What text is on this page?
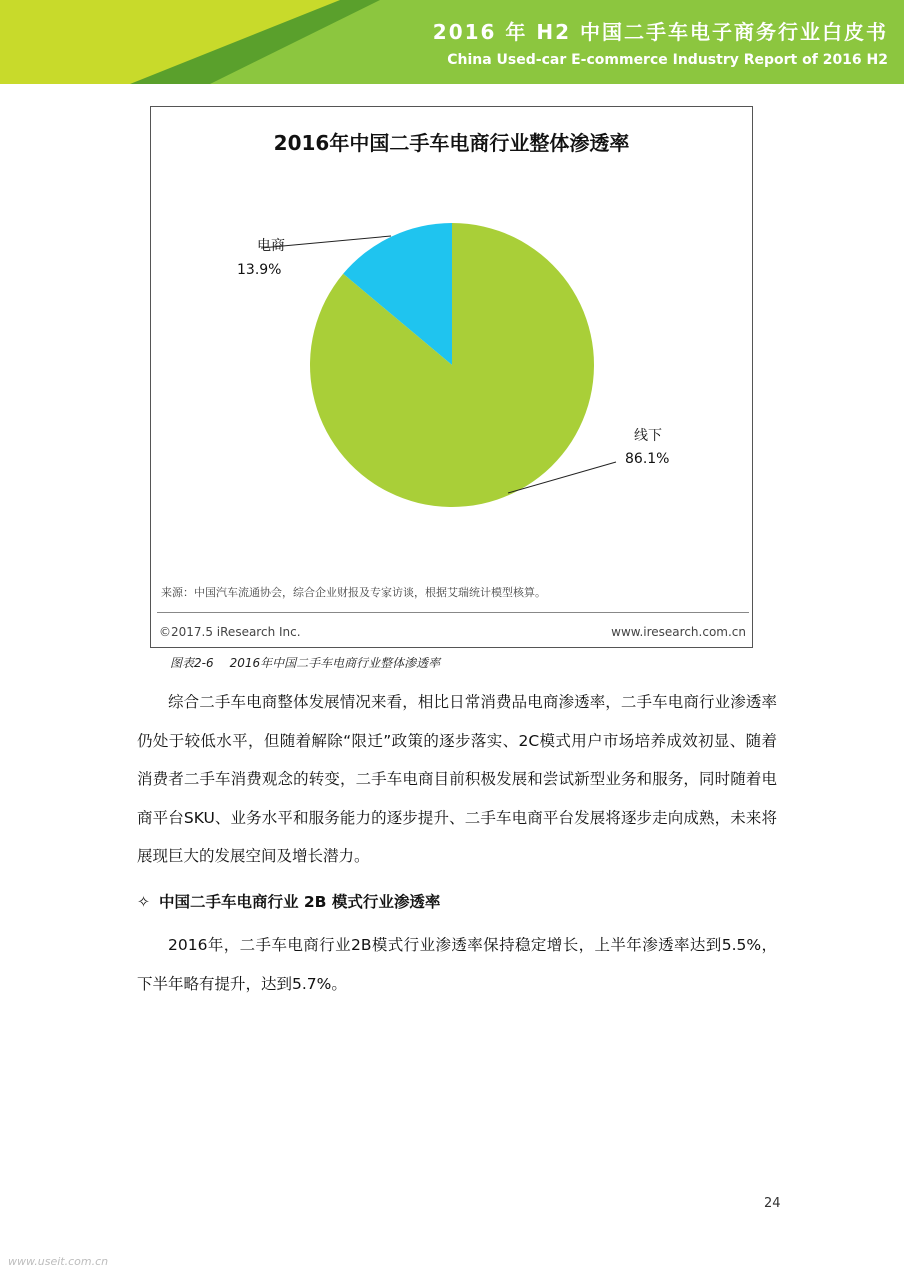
2016 年 H2 中国二手车电子商务行业白皮书
China Used-car E-commerce Industry Report of 2016 H2
2016年中国二手车电商行业整体渗透率
电商
13.9%
线下
86.1%
来源：中国汽车流通协会，综合企业财报及专家访谈，根据艾瑞统计模型核算。
©2017.5 iResearch Inc.	www.iresearch.com.cn
图表2-6 2016年中国二手车电商行业整体渗透率
综合二手车电商整体发展情况来看，相比日常消费品电商渗透率，二手车电商行业渗透率仍处于较低水平，但随着解除“限迁”政策的逐步落实、2C模式用户市场培养成效初显、随着消费者二手车消费观念的转变，二手车电商目前积极发展和尝试新型业务和服务，同时随着电商平台SKU、业务水平和服务能力的逐步提升、二手车电商平台发展将逐步走向成熟，未来将展现巨大的发展空间及增长潜力。
✧ 中国二手车电商行业 2B 模式行业渗透率
2016年，二手车电商行业2B模式行业渗透率保持稳定增长，上半年渗透率达到5.5%，下半年略有提升，达到5.7%。
24
www.useit.com.cn
